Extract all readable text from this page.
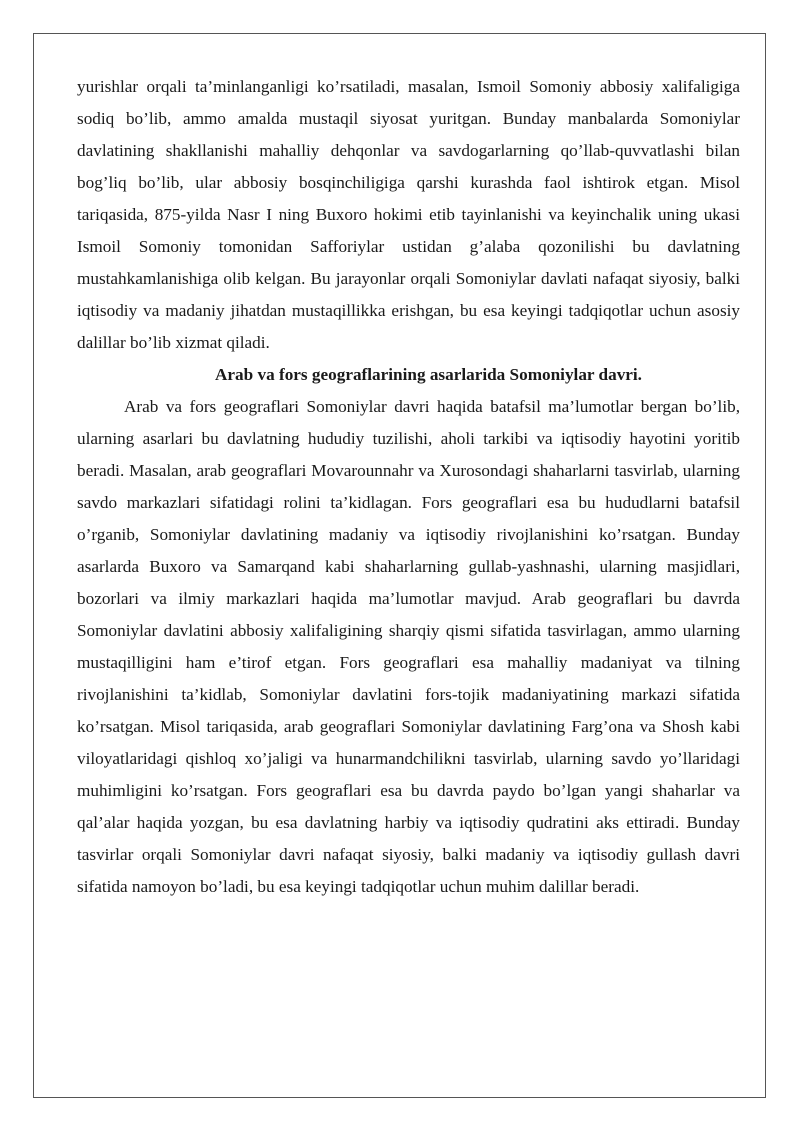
yurishlar orqali ta’minlanganligi ko’rsatiladi, masalan, Ismoil Somoniy abbosiy xalifaligiga sodiq bo’lib, ammo amalda mustaqil siyosat yuritgan. Bunday manbalarda Somoniylar davlatining shakllanishi mahalliy dehqonlar va savdogarlarning qo’llab-quvvatlashi bilan bog’liq bo’lib, ular abbosiy bosqinchiligiga qarshi kurashda faol ishtirok etgan. Misol tariqasida, 875-yilda Nasr I ning Buxoro hokimi etib tayinlanishi va keyinchalik uning ukasi Ismoil Somoniy tomonidan Safforiylar ustidan g’alaba qozonilishi bu davlatning mustahkamlanishiga olib kelgan. Bu jarayonlar orqali Somoniylar davlati nafaqat siyosiy, balki iqtisodiy va madaniy jihatdan mustaqillikka erishgan, bu esa keyingi tadqiqotlar uchun asosiy dalillar bo’lib xizmat qiladi.

Arab va fors geograflarining asarlarida Somoniylar davri.

Arab va fors geograflari Somoniylar davri haqida batafsil ma’lumotlar bergan bo’lib, ularning asarlari bu davlatning hududiy tuzilishi, aholi tarkibi va iqtisodiy hayotini yoritib beradi. Masalan, arab geograflari Movarounnahr va Xurosondagi shaharlarni tasvirlab, ularning savdo markazlari sifatidagi rolini ta’kidlagan. Fors geograflari esa bu hududlarni batafsil o’rganib, Somoniylar davlatining madaniy va iqtisodiy rivojlanishini ko’rsatgan. Bunday asarlarda Buxoro va Samarqand kabi shaharlarning gullab-yashnashi, ularning masjidlari, bozorlari va ilmiy markazlari haqida ma’lumotlar mavjud. Arab geograflari bu davrda Somoniylar davlatini abbosiy xalifaligining sharqiy qismi sifatida tasvirlagan, ammo ularning mustaqilligini ham e’tirof etgan. Fors geograflari esa mahalliy madaniyat va tilning rivojlanishini ta’kidlab, Somoniylar davlatini fors-tojik madaniyatining markazi sifatida ko’rsatgan. Misol tariqasida, arab geograflari Somoniylar davlatining Farg’ona va Shosh kabi viloyatlaridagi qishloq xo’jaligi va hunarmandchilikni tasvirlab, ularning savdo yo’llaridagi muhimligini ko’rsatgan. Fors geograflari esa bu davrda paydo bo’lgan yangi shaharlar va qal’alar haqida yozgan, bu esa davlatning harbiy va iqtisodiy qudratini aks ettiradi. Bunday tasvirlar orqali Somoniylar davri nafaqat siyosiy, balki madaniy va iqtisodiy gullash davri sifatida namoyon bo’ladi, bu esa keyingi tadqiqotlar uchun muhim dalillar beradi.
